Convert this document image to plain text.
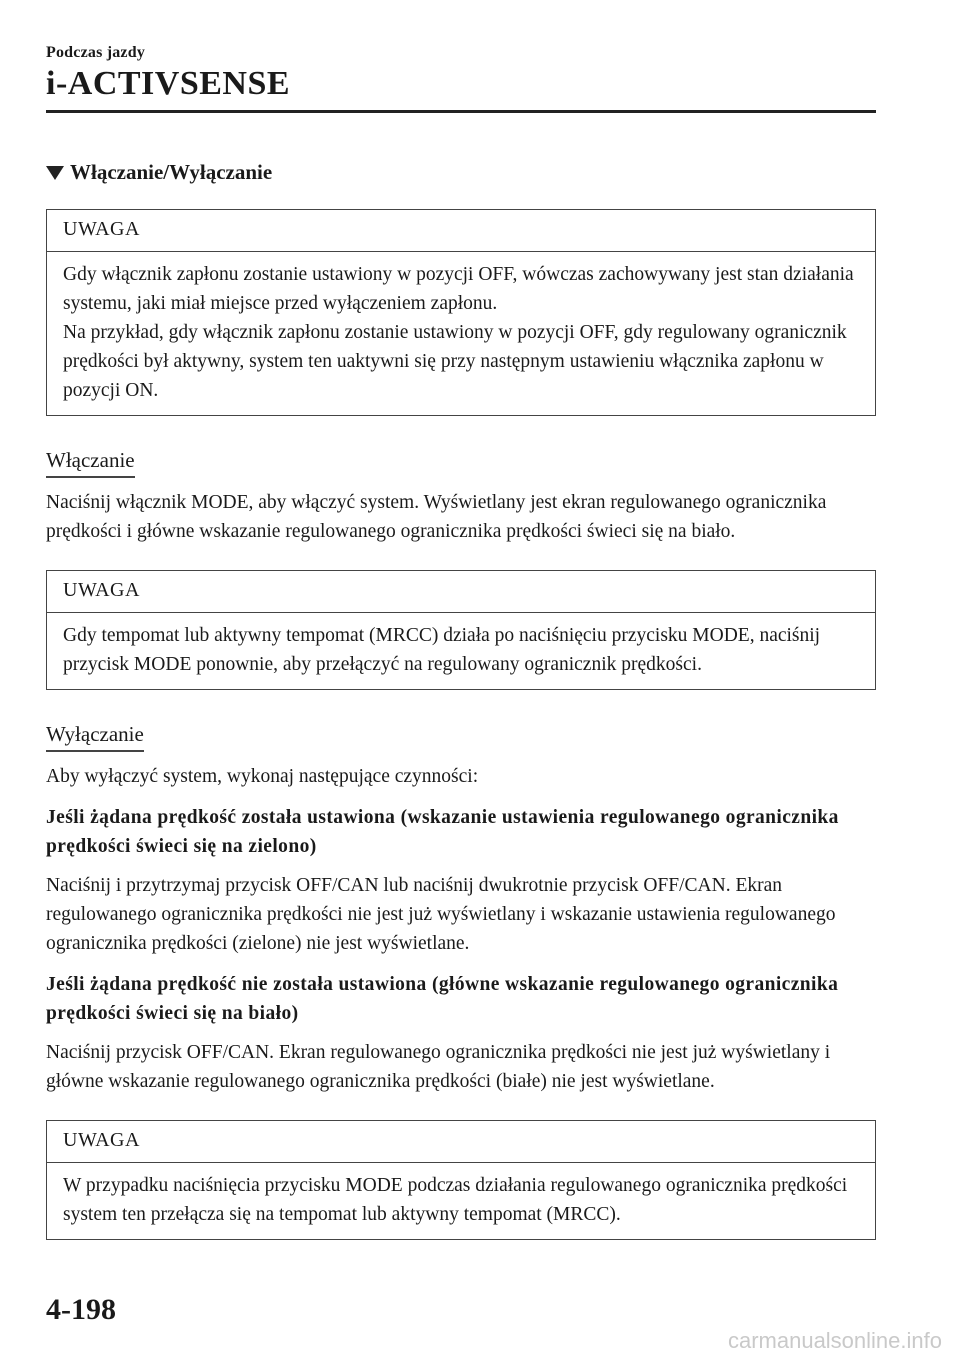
Podczas jazdy
i-ACTIVSENSE
Włączanie/Wyłączanie
UWAGA

Gdy włącznik zapłonu zostanie ustawiony w pozycji OFF, wówczas zachowywany jest stan działania systemu, jaki miał miejsce przed wyłączeniem zapłonu.

Na przykład, gdy włącznik zapłonu zostanie ustawiony w pozycji OFF, gdy regulowany ogranicznik prędkości był aktywny, system ten uaktywni się przy następnym ustawieniu włącznika zapłonu w pozycji ON.

Włączanie

Naciśnij włącznik MODE, aby włączyć system. Wyświetlany jest ekran regulowanego ogranicznika prędkości i główne wskazanie regulowanego ogranicznika prędkości świeci się na biało.

UWAGA
Gdy tempomat lub aktywny tempomat (MRCC) działa po naciśnięciu przycisku MODE, naciśnij przycisk MODE ponownie, aby przełączyć na regulowany ogranicznik prędkości.
Wyłączanie

Aby wyłączyć system, wykonaj następujące czynności:

Jeśli żądana prędkość została ustawiona (wskazanie ustawienia regulowanego ogranicznika prędkości świeci się na zielono)

Naciśnij i przytrzymaj przycisk OFF/CAN lub naciśnij dwukrotnie przycisk OFF/CAN. Ekran regulowanego ogranicznika prędkości nie jest już wyświetlany i wskazanie ustawienia regulowanego ogranicznika prędkości (zielone) nie jest wyświetlane.

Jeśli żądana prędkość nie została ustawiona (główne wskazanie regulowanego ogranicznika prędkości świeci się na biało)

Naciśnij przycisk OFF/CAN. Ekran regulowanego ogranicznika prędkości nie jest już wyświetlany i główne wskazanie regulowanego ogranicznika prędkości (białe) nie jest wyświetlane.

UWAGA
W przypadku naciśnięcia przycisku MODE podczas działania regulowanego ogranicznika prędkości system ten przełącza się na tempomat lub aktywny tempomat (MRCC).
4-198
carmanualsonline.info
